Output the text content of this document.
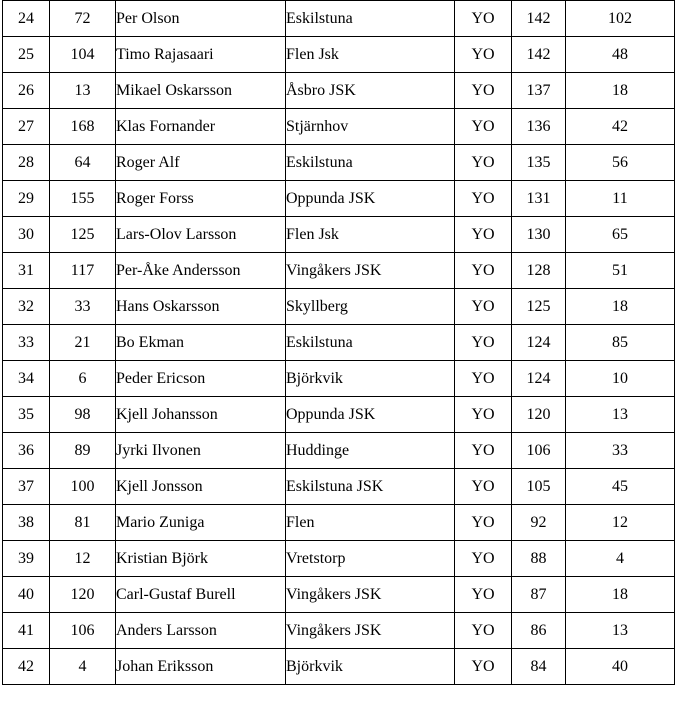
24	72	Per Olson	Eskilstuna	YO	142	102
25	104	Timo Rajasaari	Flen Jsk	YO	142	48
26	13	Mikael Oskarsson	Åsbro JSK	YO	137	18
27	168	Klas Fornander	Stjärnhov	YO	136	42
28	64	Roger Alf	Eskilstuna	YO	135	56
29	155	Roger Forss	Oppunda JSK	YO	131	11
30	125	Lars-Olov Larsson	Flen Jsk	YO	130	65
31	117	Per-Åke Andersson	Vingåkers JSK	YO	128	51
32	33	Hans Oskarsson	Skyllberg	YO	125	18
33	21	Bo Ekman	Eskilstuna	YO	124	85
34	6	Peder Ericson	Björkvik	YO	124	10
35	98	Kjell Johansson	Oppunda JSK	YO	120	13
36	89	Jyrki Ilvonen	Huddinge	YO	106	33
37	100	Kjell Jonsson	Eskilstuna JSK	YO	105	45
38	81	Mario Zuniga	Flen	YO	92	12
39	12	Kristian Björk	Vretstorp	YO	88	4
40	120	Carl-Gustaf Burell	Vingåkers JSK	YO	87	18
41	106	Anders Larsson	Vingåkers JSK	YO	86	13
42	4	Johan Eriksson	Björkvik	YO	84	40
